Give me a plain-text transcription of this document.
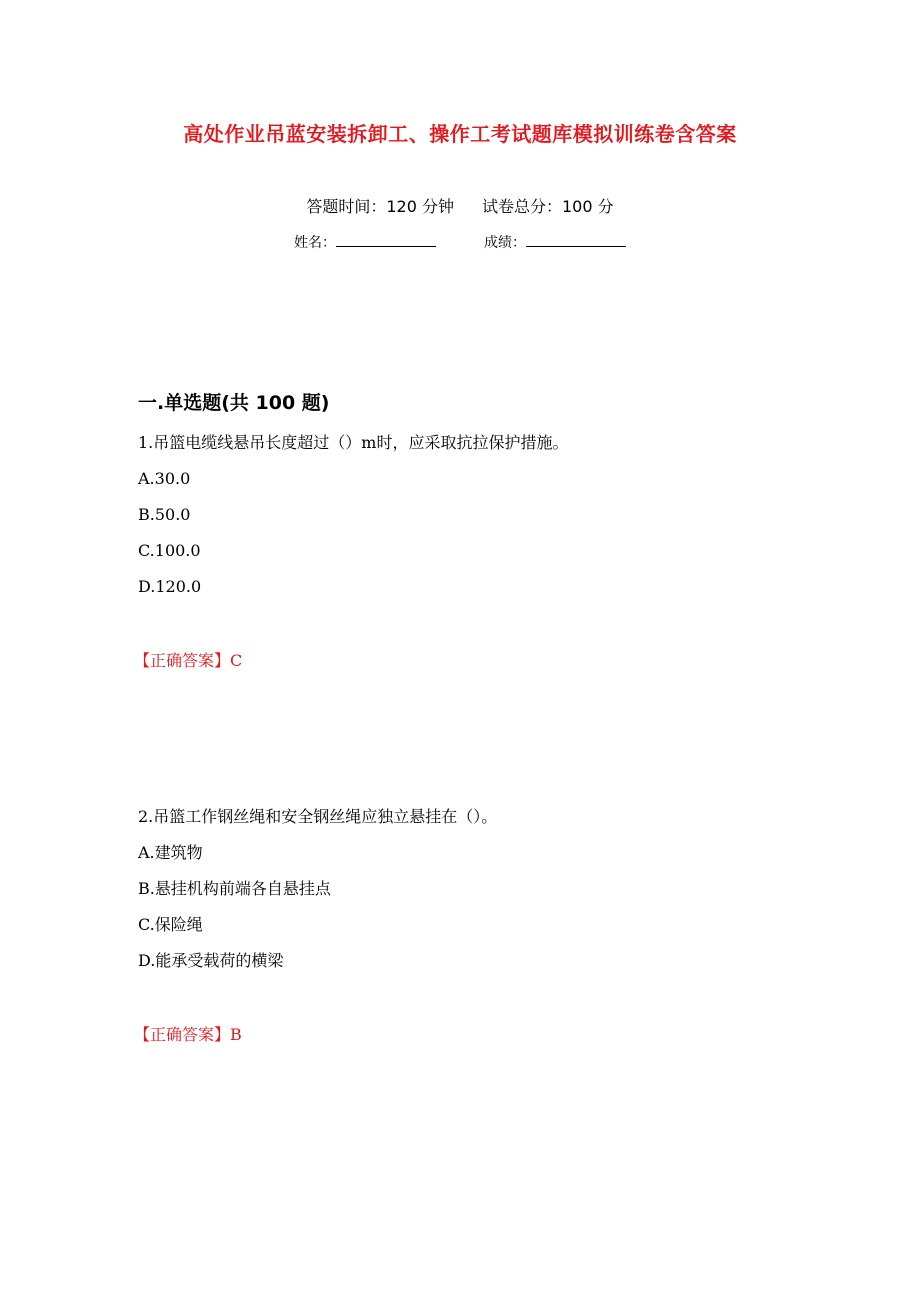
高处作业吊蓝安装拆卸工、操作工考试题库模拟训练卷含答案
答题时间：120 分钟 试卷总分：100 分
姓名：	成绩：
一.单选题(共 100 题)
1.吊篮电缆线悬吊长度超过（）m时，应采取抗拉保护措施。
A.30.0
B.50.0
C.100.0
D.120.0
【正确答案】C
2.吊篮工作钢丝绳和安全钢丝绳应独立悬挂在（）。
A.建筑物
B.悬挂机构前端各自悬挂点
C.保险绳
D.能承受载荷的横梁
【正确答案】B
